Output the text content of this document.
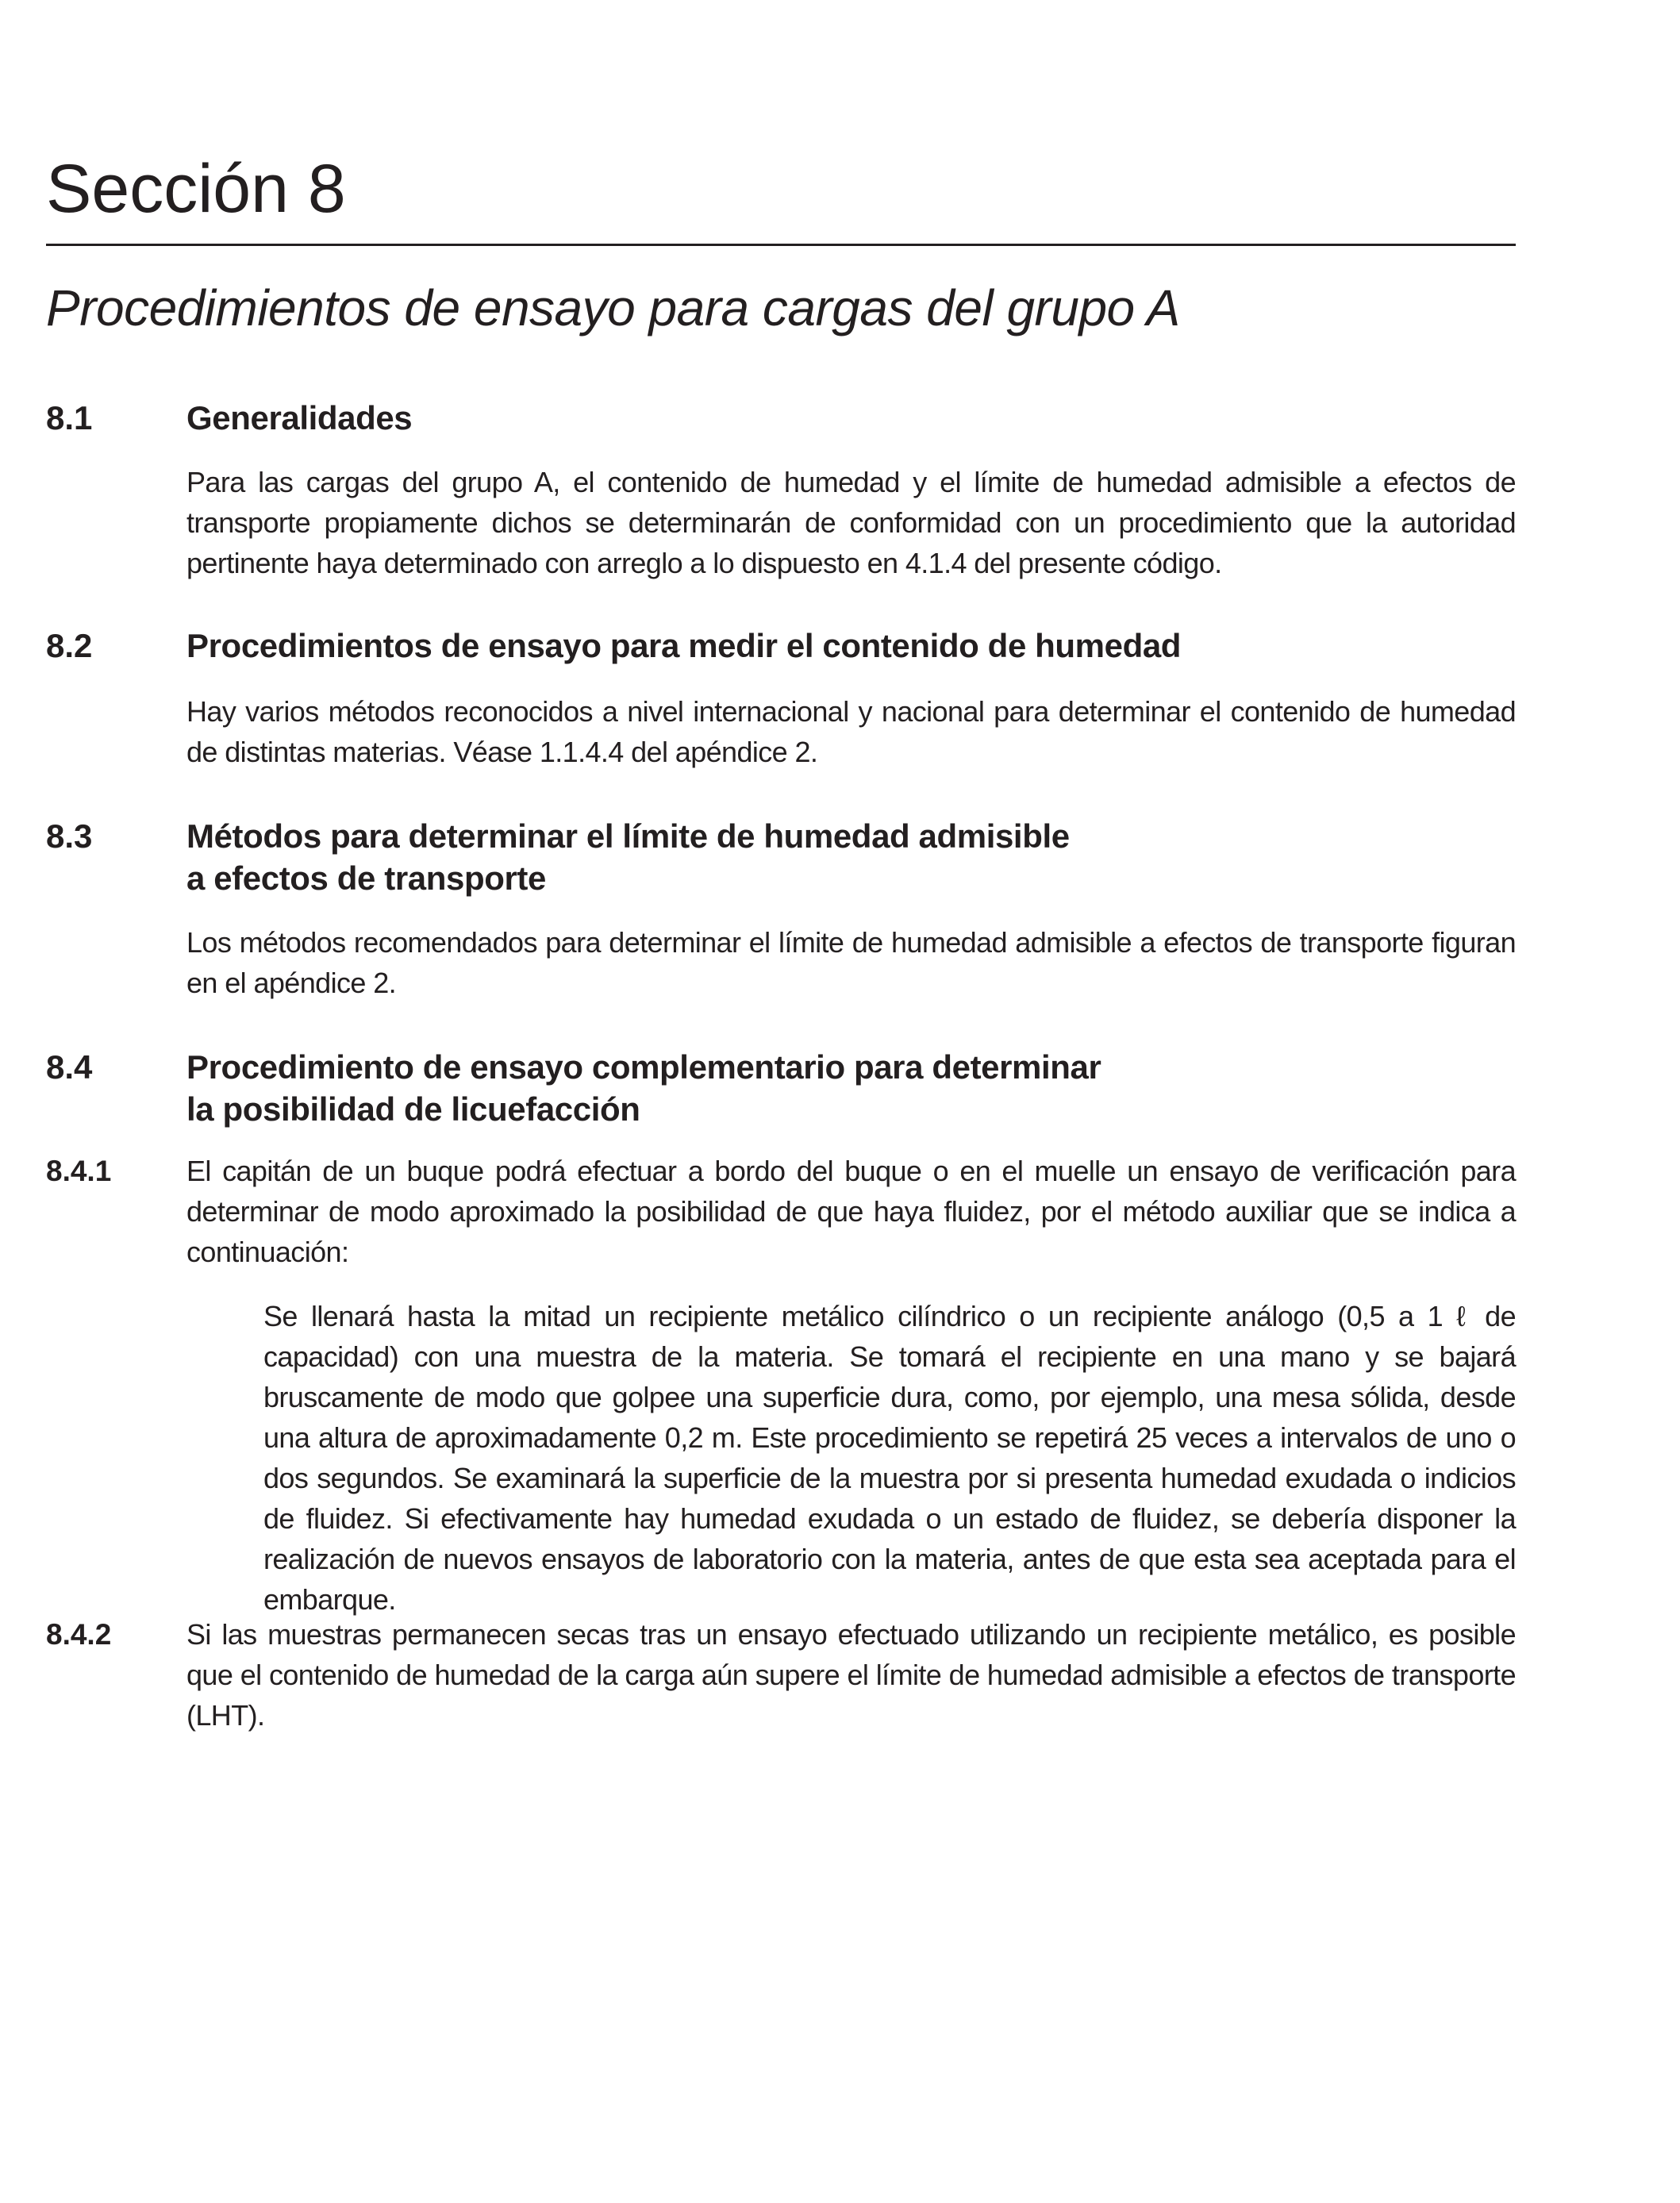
Sección 8
Procedimientos de ensayo para cargas del grupo A
8.1	Generalidades
Para las cargas del grupo A, el contenido de humedad y el límite de humedad admisible a efectos de transporte propiamente dichos se determinarán de conformidad con un procedimiento que la autoridad pertinente haya determinado con arreglo a lo dispuesto en 4.1.4 del presente código.
8.2	Procedimientos de ensayo para medir el contenido de humedad
Hay varios métodos reconocidos a nivel internacional y nacional para determinar el contenido de humedad de distintas materias. Véase 1.1.4.4 del apéndice 2.
8.3	Métodos para determinar el límite de humedad admisible
a efectos de transporte
Los métodos recomendados para determinar el límite de humedad admisible a efectos de transporte figuran en el apéndice 2.
8.4	Procedimiento de ensayo complementario para determinar
la posibilidad de licuefacción
8.4.1	El capitán de un buque podrá efectuar a bordo del buque o en el muelle un ensayo de verificación para determinar de modo aproximado la posibilidad de que haya fluidez, por el método auxiliar que se indica a continuación:
Se llenará hasta la mitad un recipiente metálico cilíndrico o un recipiente análogo (0,5 a 1 ℓ de capacidad) con una muestra de la materia. Se tomará el recipiente en una mano y se bajará bruscamente de modo que golpee una superficie dura, como, por ejemplo, una mesa sólida, desde una altura de aproximadamente 0,2 m. Este procedimiento se repetirá 25 veces a intervalos de uno o dos segundos. Se examinará la superficie de la muestra por si presenta humedad exudada o indicios de fluidez. Si efectivamente hay humedad exudada o un estado de fluidez, se debería disponer la realización de nuevos ensayos de laboratorio con la materia, antes de que esta sea aceptada para el embarque.
8.4.2	Si las muestras permanecen secas tras un ensayo efectuado utilizando un recipiente metálico, es posible que el contenido de humedad de la carga aún supere el límite de humedad admisible a efectos de transporte (LHT).
